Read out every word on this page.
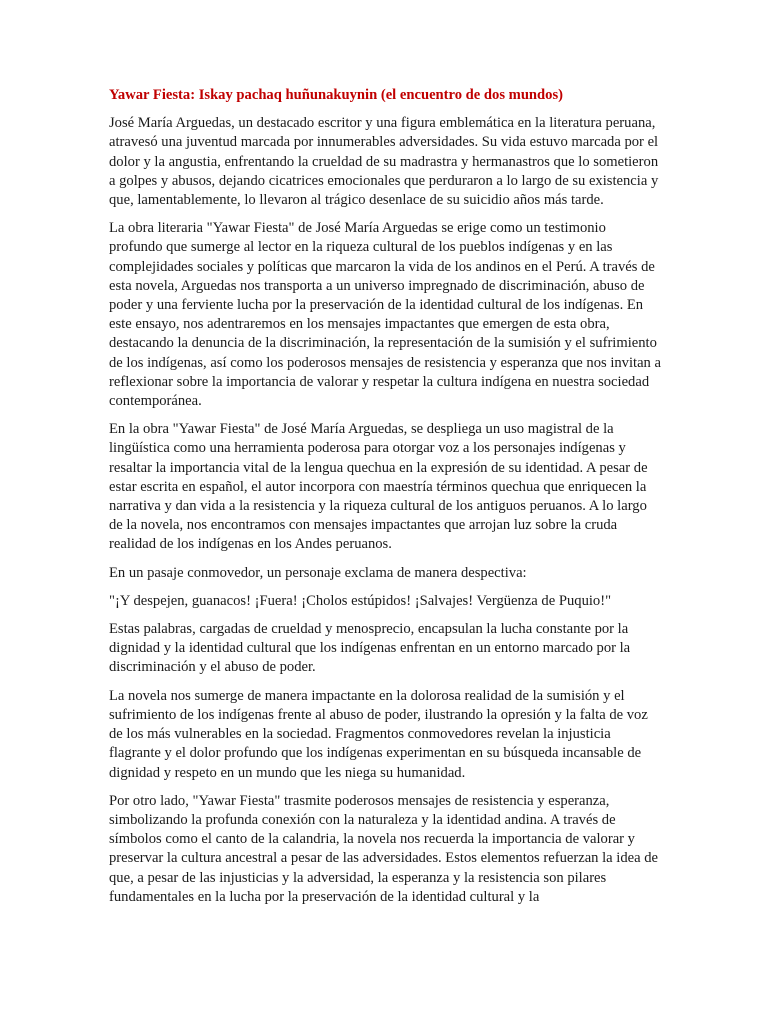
Yawar Fiesta: Iskay pachaq huñunakuynin (el encuentro de dos mundos)

José María Arguedas, un destacado escritor y una figura emblemática en la literatura peruana, atravesó una juventud marcada por innumerables adversidades. Su vida estuvo marcada por el dolor y la angustia, enfrentando la crueldad de su madrastra y hermanastros que lo sometieron a golpes y abusos, dejando cicatrices emocionales que perduraron a lo largo de su existencia y que, lamentablemente, lo llevaron al trágico desenlace de su suicidio años más tarde.

La obra literaria "Yawar Fiesta" de José María Arguedas se erige como un testimonio profundo que sumerge al lector en la riqueza cultural de los pueblos indígenas y en las complejidades sociales y políticas que marcaron la vida de los andinos en el Perú. A través de esta novela, Arguedas nos transporta a un universo impregnado de discriminación, abuso de poder y una ferviente lucha por la preservación de la identidad cultural de los indígenas. En este ensayo, nos adentraremos en los mensajes impactantes que emergen de esta obra, destacando la denuncia de la discriminación, la representación de la sumisión y el sufrimiento de los indígenas, así como los poderosos mensajes de resistencia y esperanza que nos invitan a reflexionar sobre la importancia de valorar y respetar la cultura indígena en nuestra sociedad contemporánea.

En la obra "Yawar Fiesta" de José María Arguedas, se despliega un uso magistral de la lingüística como una herramienta poderosa para otorgar voz a los personajes indígenas y resaltar la importancia vital de la lengua quechua en la expresión de su identidad. A pesar de estar escrita en español, el autor incorpora con maestría términos quechua que enriquecen la narrativa y dan vida a la resistencia y la riqueza cultural de los antiguos peruanos. A lo largo de la novela, nos encontramos con mensajes impactantes que arrojan luz sobre la cruda realidad de los indígenas en los Andes peruanos.

En un pasaje conmovedor, un personaje exclama de manera despectiva:

"¡Y despejen, guanacos! ¡Fuera! ¡Cholos estúpidos! ¡Salvajes! Vergüenza de Puquio!"

Estas palabras, cargadas de crueldad y menosprecio, encapsulan la lucha constante por la dignidad y la identidad cultural que los indígenas enfrentan en un entorno marcado por la discriminación y el abuso de poder.

La novela nos sumerge de manera impactante en la dolorosa realidad de la sumisión y el sufrimiento de los indígenas frente al abuso de poder, ilustrando la opresión y la falta de voz de los más vulnerables en la sociedad. Fragmentos conmovedores revelan la injusticia flagrante y el dolor profundo que los indígenas experimentan en su búsqueda incansable de dignidad y respeto en un mundo que les niega su humanidad.

Por otro lado, "Yawar Fiesta" trasmite poderosos mensajes de resistencia y esperanza, simbolizando la profunda conexión con la naturaleza y la identidad andina. A través de símbolos como el canto de la calandria, la novela nos recuerda la importancia de valorar y preservar la cultura ancestral a pesar de las adversidades. Estos elementos refuerzan la idea de que, a pesar de las injusticias y la adversidad, la esperanza y la resistencia son pilares fundamentales en la lucha por la preservación de la identidad cultural y la
